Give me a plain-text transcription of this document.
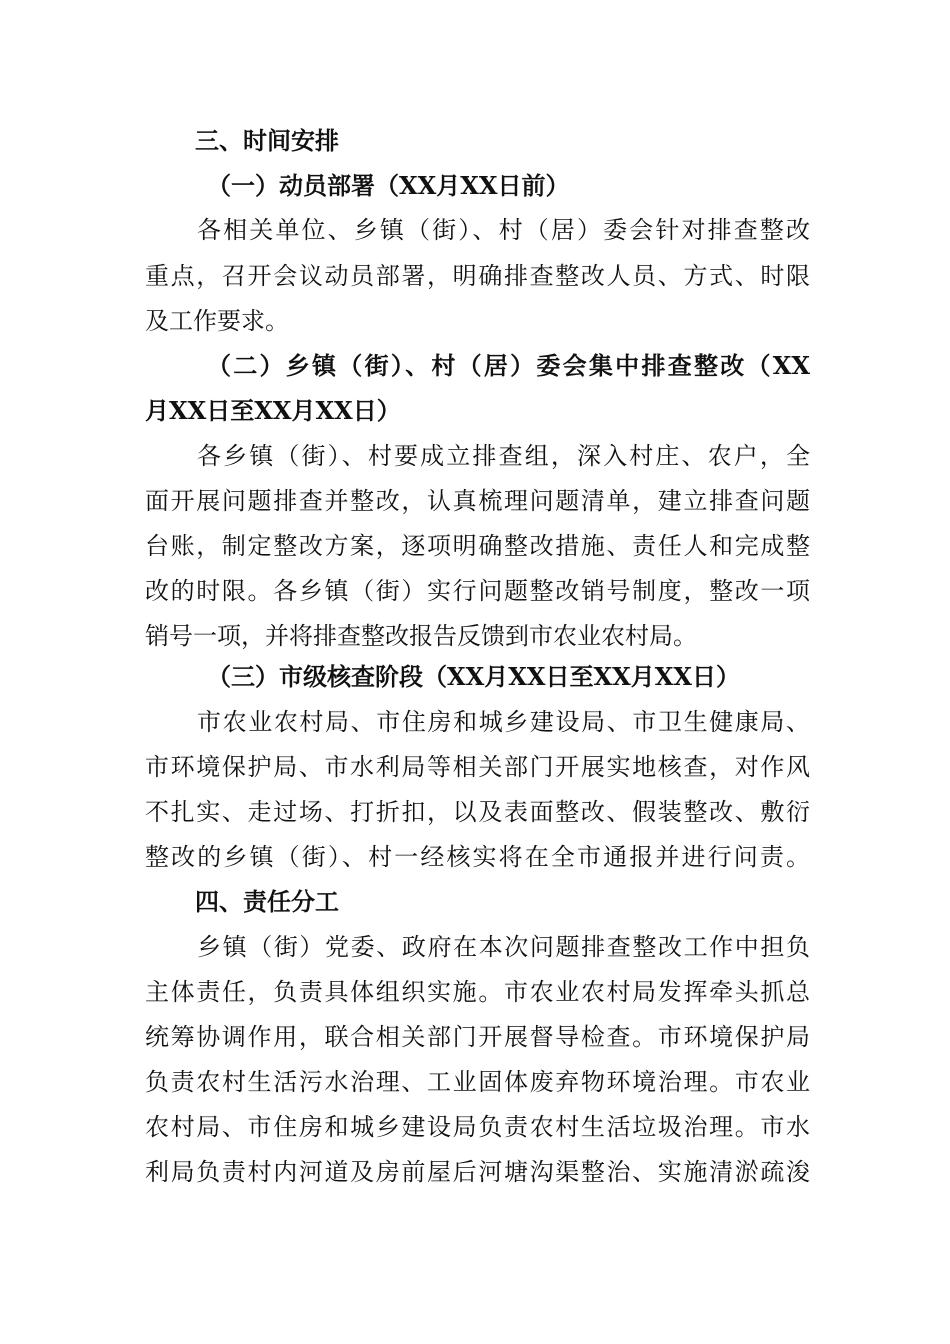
三、时间安排
（一）动员部署（XX月XX日前）
各相关单位、乡镇（街）、村（居）委会针对排查整改
重点，召开会议动员部署，明确排查整改人员、方式、时限
及工作要求。
（二）乡镇（街）、村（居）委会集中排查整改（XX
月XX日至XX月XX日）
各乡镇（街）、村要成立排查组，深入村庄、农户，全
面开展问题排查并整改，认真梳理问题清单，建立排查问题
台账，制定整改方案，逐项明确整改措施、责任人和完成整
改的时限。各乡镇（街）实行问题整改销号制度，整改一项
销号一项，并将排查整改报告反馈到市农业农村局。
（三）市级核查阶段（XX月XX日至XX月XX日）
市农业农村局、市住房和城乡建设局、市卫生健康局、
市环境保护局、市水利局等相关部门开展实地核查，对作风
不扎实、走过场、打折扣，以及表面整改、假装整改、敷衍
整改的乡镇（街）、村一经核实将在全市通报并进行问责。
四、责任分工
乡镇（街）党委、政府在本次问题排查整改工作中担负
主体责任，负责具体组织实施。市农业农村局发挥牵头抓总
统筹协调作用，联合相关部门开展督导检查。市环境保护局
负责农村生活污水治理、工业固体废弃物环境治理。市农业
农村局、市住房和城乡建设局负责农村生活垃圾治理。市水
利局负责村内河道及房前屋后河塘沟渠整治、实施清淤疏浚
